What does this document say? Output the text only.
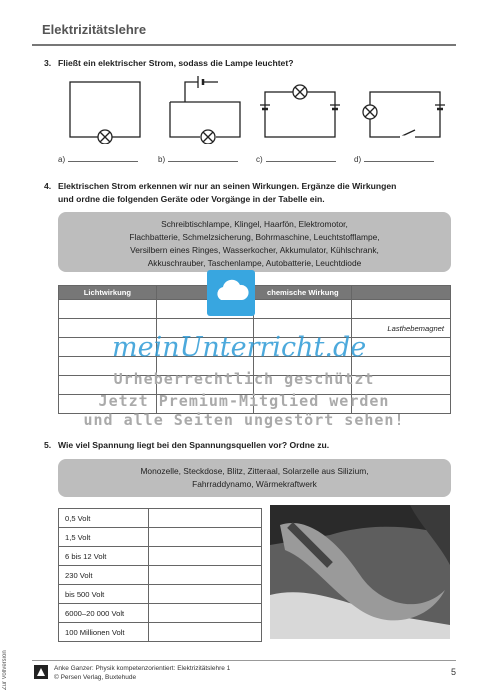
Zur Vollversion
Elektrizitätslehre
3. Fließt ein elektrischer Strom, sodass die Lampe leuchtet?
a)	b)	c)	d)
4. Elektrischen Strom erkennen wir nur an seinen Wirkungen. Ergänze die Wirkungen
und ordne die folgenden Geräte oder Vorgänge in der Tabelle ein.
Schreibtischlampe, Klingel, Haarfön, Elektromotor,
Flachbatterie, Schmelzsicherung, Bohrmaschine, Leuchtstofflampe,
Versilbern eines Ringes, Wasserkocher, Akkumulator, Kühlschrank,
Akkuschrauber, Taschenlampe, Autobatterie, Leuchtdiode
Lichtwirkung		chemische Wirkung	

			Lasthebemagnet

meinUnterricht.de
Urheberrechtlich geschützt
Jetzt Premium-Mitglied werden
und alle Seiten ungestört sehen!
5. Wie viel Spannung liegt bei den Spannungsquellen vor? Ordne zu.
Monozelle, Steckdose, Blitz, Zitteraal, Solarzelle aus Silizium,
Fahrraddynamo, Wärmekraftwerk
0,5 Volt	
1,5 Volt	
6 bis 12 Volt	
230 Volt	
bis 500 Volt	
6000–20 000 Volt	
100 Millionen Volt	
Anke Ganzer: Physik kompetenzorientiert: Elektrizitätslehre 1
© Persen Verlag, Buxtehude
5
